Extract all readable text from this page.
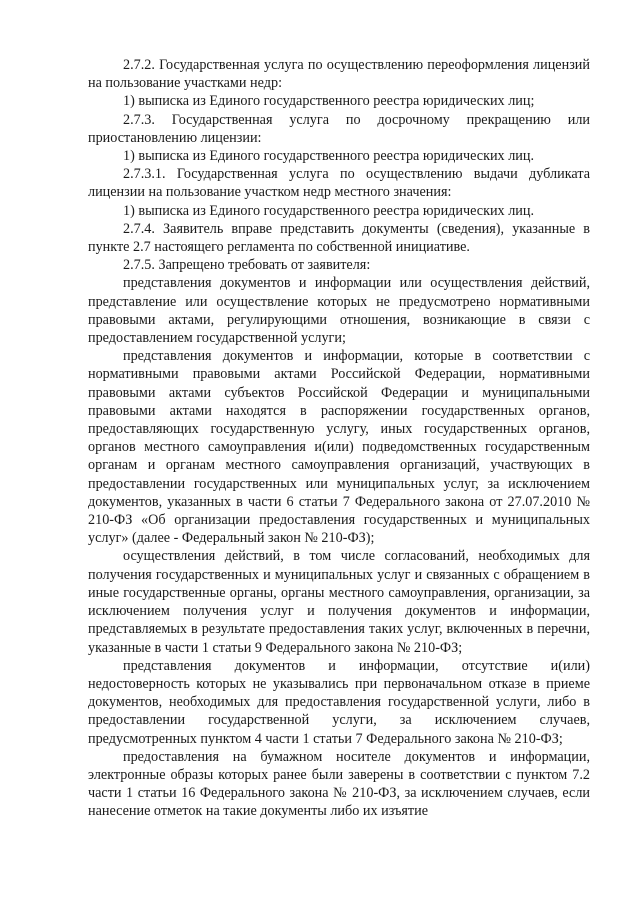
2.7.2. Государственная услуга по осуществлению переоформления лицензий на пользование участками недр:

1) выписка из Единого государственного реестра юридических лиц;

2.7.3. Государственная услуга по досрочному прекращению или приостановлению лицензии:

1) выписка из Единого государственного реестра юридических лиц.

2.7.3.1. Государственная услуга по осуществлению выдачи дубликата лицензии на пользование участком недр местного значения:

1) выписка из Единого государственного реестра юридических лиц.

2.7.4. Заявитель вправе представить документы (сведения), указанные в пункте 2.7 настоящего регламента по собственной инициативе.

2.7.5. Запрещено требовать от заявителя:

представления документов и информации или осуществления действий, представление или осуществление которых не предусмотрено нормативными правовыми актами, регулирующими отношения, возникающие в связи с предоставлением государственной услуги;

представления документов и информации, которые в соответствии с нормативными правовыми актами Российской Федерации, нормативными правовыми актами субъектов Российской Федерации и муниципальными правовыми актами находятся в распоряжении государственных органов, предоставляющих государственную услугу, иных государственных органов, органов местного самоуправления и(или) подведомственных государственным органам и органам местного самоуправления организаций, участвующих в предоставлении государственных или муниципальных услуг, за исключением документов, указанных в части 6 статьи 7 Федерального закона от 27.07.2010 № 210-ФЗ «Об организации предоставления государственных и муниципальных услуг» (далее - Федеральный закон № 210-ФЗ);

осуществления действий, в том числе согласований, необходимых для получения государственных и муниципальных услуг и связанных с обращением в иные государственные органы, органы местного самоуправления, организации, за исключением получения услуг и получения документов и информации, представляемых в результате предоставления таких услуг, включенных в перечни, указанные в части 1 статьи 9 Федерального закона № 210-ФЗ;

представления документов и информации, отсутствие и(или) недостоверность которых не указывались при первоначальном отказе в приеме документов, необходимых для предоставления государственной услуги, либо в предоставлении государственной услуги, за исключением случаев, предусмотренных пунктом 4 части 1 статьи 7 Федерального закона № 210-ФЗ;

предоставления на бумажном носителе документов и информации, электронные образы которых ранее были заверены в соответствии с пунктом 7.2 части 1 статьи 16 Федерального закона № 210-ФЗ, за исключением случаев, если нанесение отметок на такие документы либо их изъятие
